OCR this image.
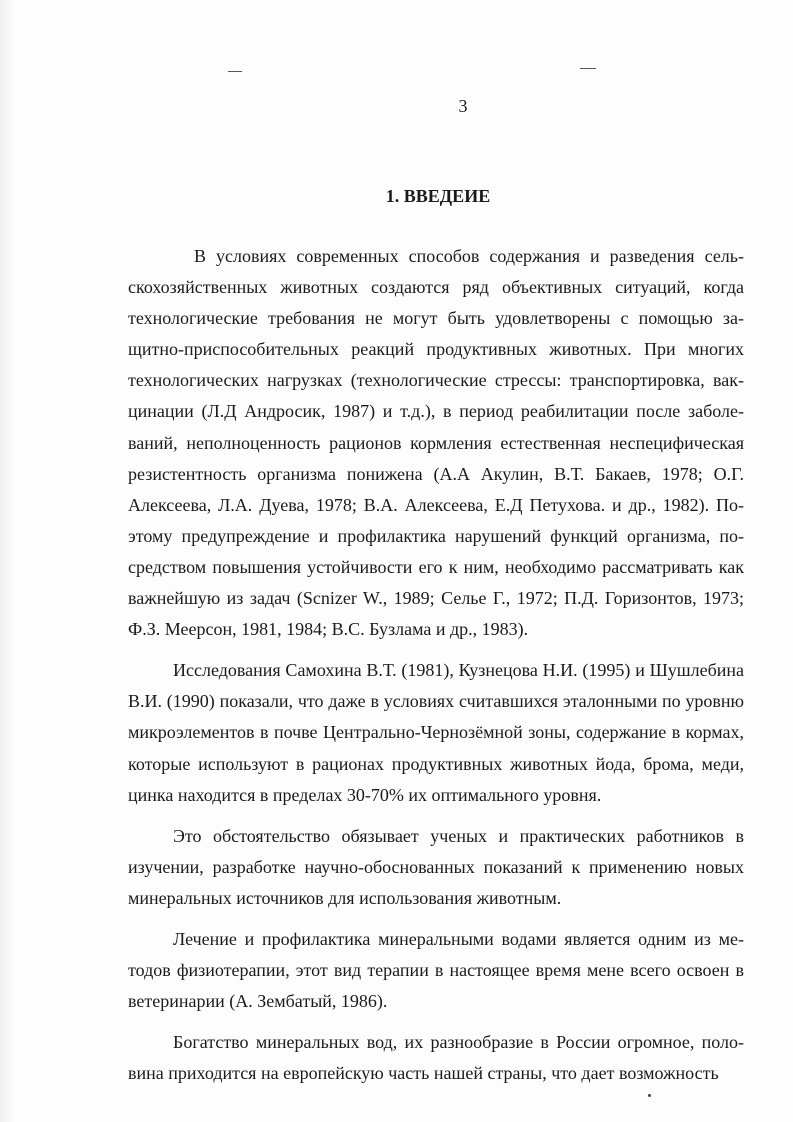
3
1. ВВЕДЕИЕ

В условиях современных способов содержания и разведения сельскохозяйственных животных создаются ряд объективных ситуаций, когда технологические требования не могут быть удовлетворены с помощью защитно-приспособительных реакций продуктивных животных. При многих технологических нагрузках (технологические стрессы: транспортировка, вакцинации (Л.Д Андросик, 1987) и т.д.), в период реабилитации после заболеваний, неполноценность рационов кормления естественная неспецифическая резистентность организма понижена (А.А Акулин, В.Т. Бакаев, 1978; О.Г. Алексеева, Л.А. Дуева, 1978; В.А. Алексеева, Е.Д Петухова. и др., 1982). Поэтому предупреждение и профилактика нарушений функций организма, посредством повышения устойчивости его к ним, необходимо рассматривать как важнейшую из задач (Scnizer W., 1989; Селье Г., 1972; П.Д. Горизонтов, 1973; Ф.З. Меерсон, 1981, 1984; В.С. Бузлама и др., 1983).

Исследования Самохина В.Т. (1981), Кузнецова Н.И. (1995) и Шушлебина В.И. (1990) показали, что даже в условиях считавшихся эталонными по уровню микроэлементов в почве Центрально-Чернозёмной зоны, содержание в кормах, которые используют в рационах продуктивных животных йода, брома, меди, цинка находится в пределах 30-70% их оптимального уровня.

Это обстоятельство обязывает ученых и практических работников в изучении, разработке научно-обоснованных показаний к применению новых минеральных источников для использования животным.

Лечение и профилактика минеральными водами является одним из методов физиотерапии, этот вид терапии в настоящее время мене всего освоен в ветеринарии (А. Зембатый, 1986).

Богатство минеральных вод, их разнообразие в России огромное, половина приходится на европейскую часть нашей страны, что дает возможность
